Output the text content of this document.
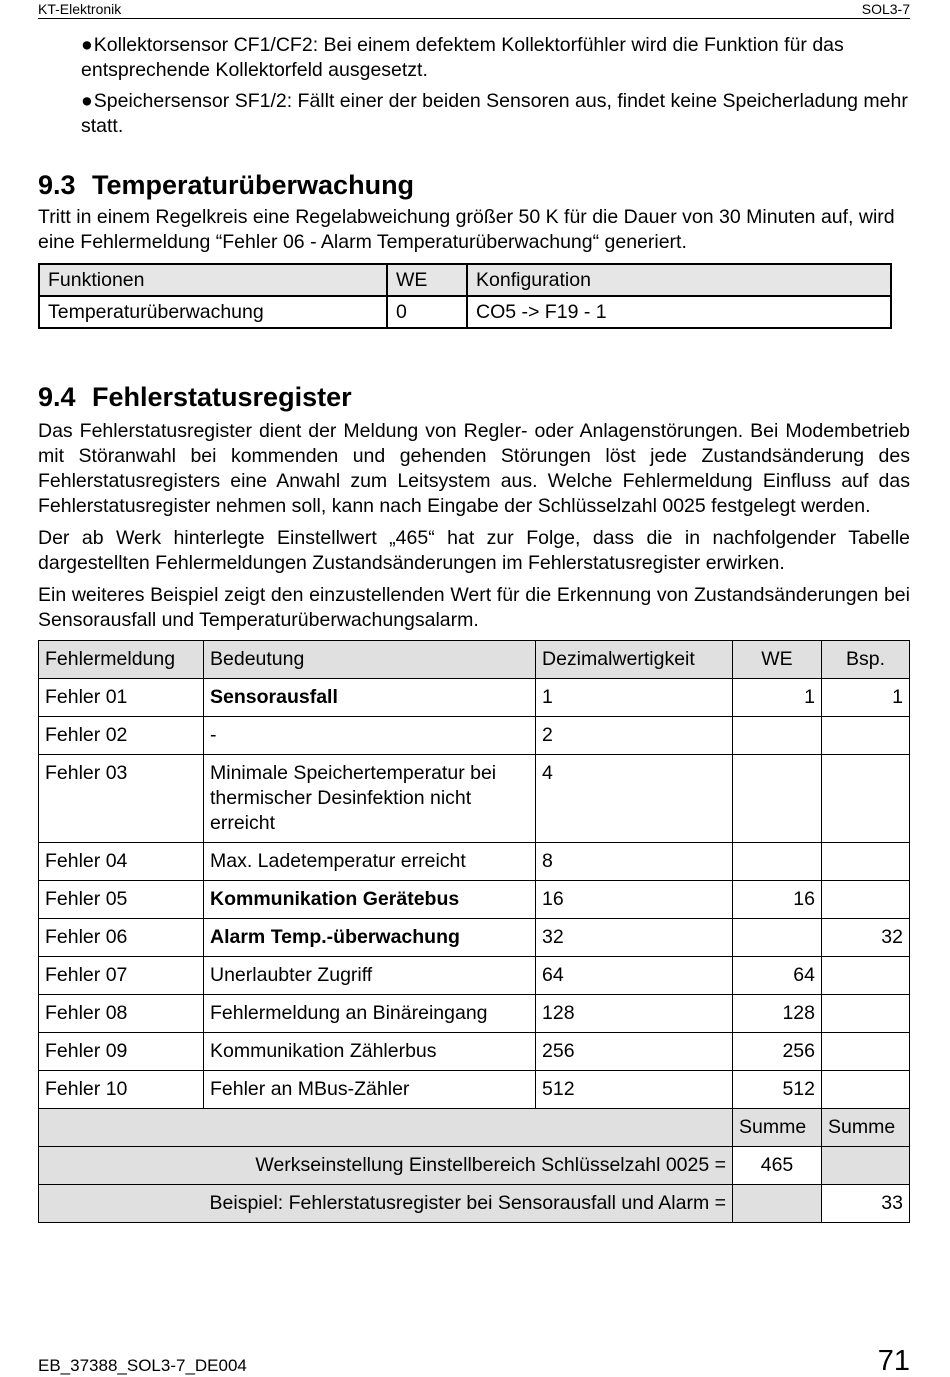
KT-Elektronik	SOL3-7
●Kollektorsensor CF1/CF2: Bei einem defektem Kollektorfühler wird die Funktion für das entsprechende Kollektorfeld ausgesetzt.
●Speichersensor SF1/2: Fällt einer der beiden Sensoren aus, findet keine Speicherladung mehr statt.
9.3 Temperaturüberwachung

Tritt in einem Regelkreis eine Regelabweichung größer 50 K für die Dauer von 30 Minuten auf, wird eine Fehlermeldung “Fehler 06 - Alarm Temperaturüberwachung“ generiert.

Funktionen	WE	Konfiguration
Temperaturüberwachung	0	CO5 -> F19 - 1
9.4 Fehlerstatusregister

Das Fehlerstatusregister dient der Meldung von Regler- oder Anlagenstörungen. Bei Modembetrieb mit Störanwahl bei kommenden und gehenden Störungen löst jede Zustandsänderung des Fehlerstatusregisters eine Anwahl zum Leitsystem aus. Welche Fehlermeldung Einfluss auf das Fehlerstatusregister nehmen soll, kann nach Eingabe der Schlüsselzahl 0025 festgelegt werden.

Der ab Werk hinterlegte Einstellwert „465“ hat zur Folge, dass die in nachfolgender Tabelle dargestellten Fehlermeldungen Zustandsänderungen im Fehlerstatusregister erwirken.

Ein weiteres Beispiel zeigt den einzustellenden Wert für die Erkennung von Zustandsänderungen bei Sensorausfall und Temperaturüberwachungsalarm.

Fehlermeldung	Bedeutung	Dezimalwertigkeit	WE	Bsp.
Fehler 01	Sensorausfall	1	1	1
Fehler 02	-	2		
Fehler 03	Minimale Speichertemperatur bei thermischer Desinfektion nicht erreicht	4		
Fehler 04	Max. Ladetemperatur erreicht	8		
Fehler 05	Kommunikation Gerätebus	16	16	
Fehler 06	Alarm Temp.-überwachung	32		32
Fehler 07	Unerlaubter Zugriff	64	64	
Fehler 08	Fehlermeldung an Binäreingang	128	128	
Fehler 09	Kommunikation Zählerbus	256	256	
Fehler 10	Fehler an MBus-Zähler	512	512	
			Summe	Summe
Werkseinstellung Einstellbereich Schlüsselzahl 0025 =			465	
Beispiel: Fehlerstatusregister bei Sensorausfall und Alarm =				33
EB_37388_SOL3-7_DE004	71
